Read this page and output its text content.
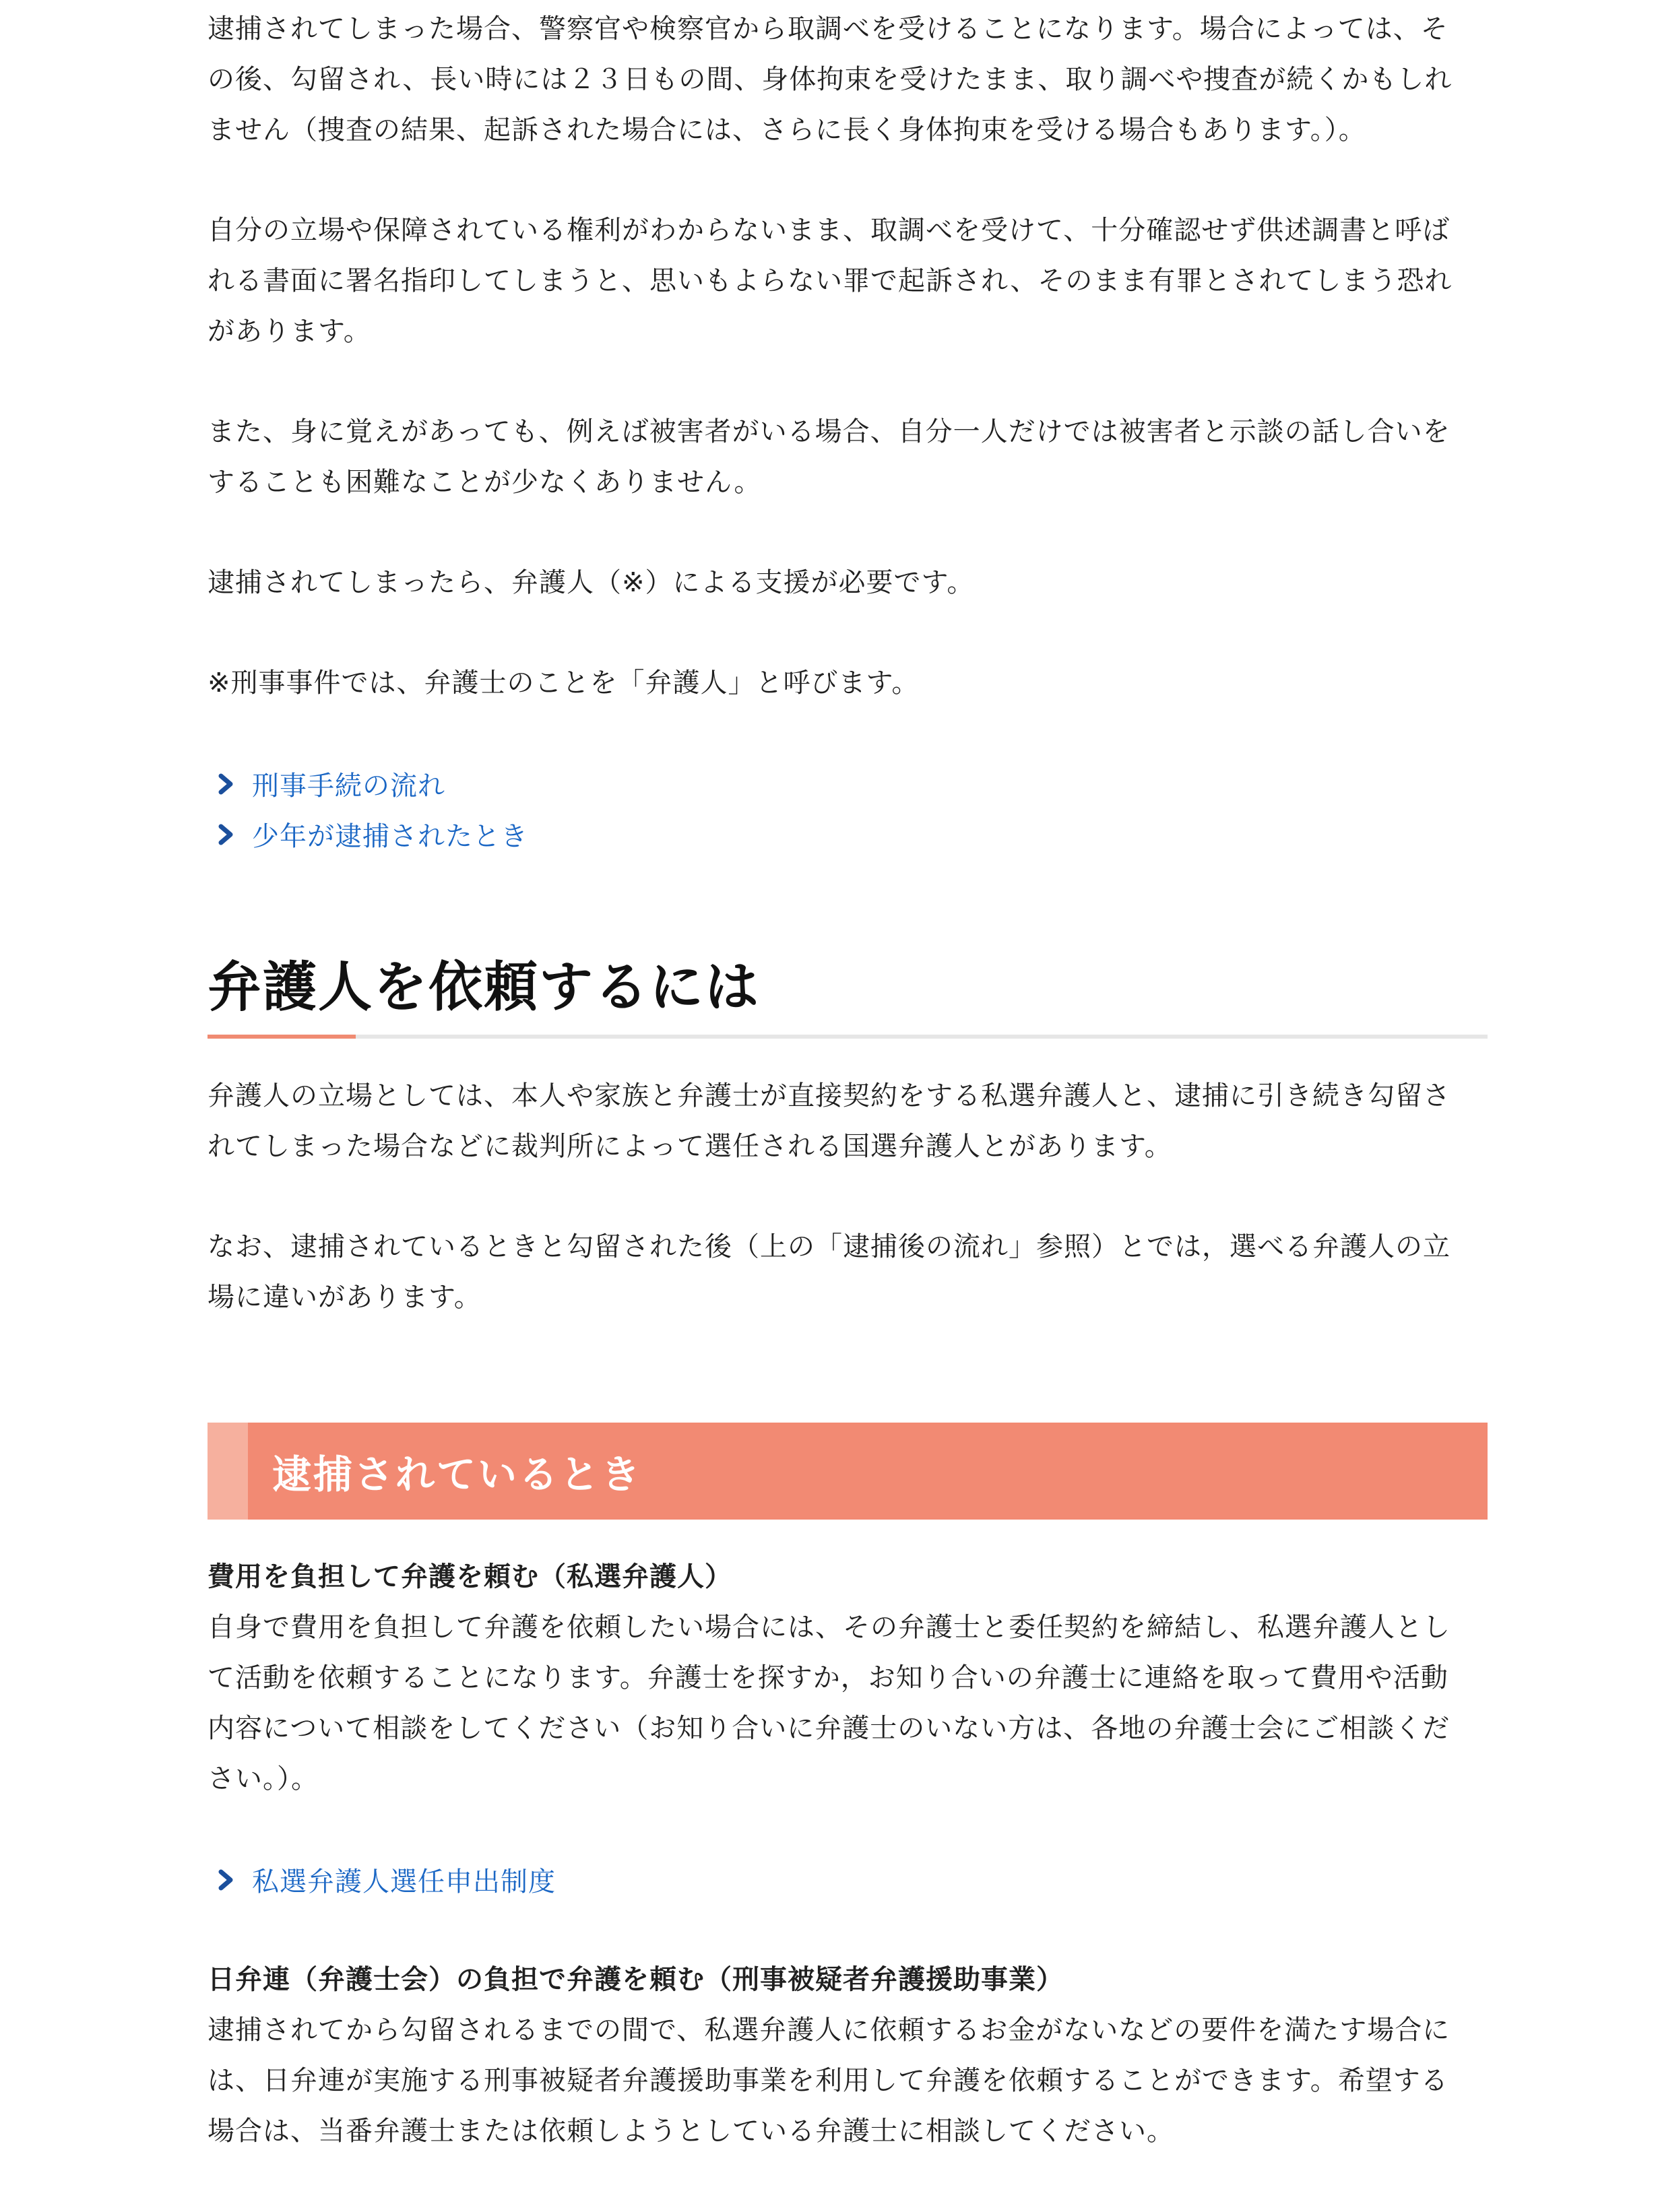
逮捕されてしまった場合、警察官や検察官から取調べを受けることになります。場合によっては、そ
の後、勾留され、長い時には２３日もの間、身体拘束を受けたまま、取り調べや捜査が続くかもしれ
ません（捜査の結果、起訴された場合には、さらに長く身体拘束を受ける場合もあります。）。

自分の立場や保障されている権利がわからないまま、取調べを受けて、十分確認せず供述調書と呼ば
れる書面に署名指印してしまうと、思いもよらない罪で起訴され、そのまま有罪とされてしまう恐れ
があります。

また、身に覚えがあっても、例えば被害者がいる場合、自分一人だけでは被害者と示談の話し合いを
することも困難なことが少なくありません。

逮捕されてしまったら、弁護人（※）による支援が必要です。

※刑事事件では、弁護士のことを「弁護人」と呼びます。

刑事手続の流れ
少年が逮捕されたとき
弁護人を依頼するには

弁護人の立場としては、本人や家族と弁護士が直接契約をする私選弁護人と、逮捕に引き続き勾留さ
れてしまった場合などに裁判所によって選任される国選弁護人とがあります。

なお、逮捕されているときと勾留された後（上の「逮捕後の流れ」参照）とでは，選べる弁護人の立
場に違いがあります。

逮捕されているとき

費用を負担して弁護を頼む（私選弁護人）

自身で費用を負担して弁護を依頼したい場合には、その弁護士と委任契約を締結し、私選弁護人とし
て活動を依頼することになります。弁護士を探すか，お知り合いの弁護士に連絡を取って費用や活動
内容について相談をしてください（お知り合いに弁護士のいない方は、各地の弁護士会にご相談くだ
さい。）。

私選弁護人選任申出制度

日弁連（弁護士会）の負担で弁護を頼む（刑事被疑者弁護援助事業）

逮捕されてから勾留されるまでの間で、私選弁護人に依頼するお金がないなどの要件を満たす場合に
は、日弁連が実施する刑事被疑者弁護援助事業を利用して弁護を依頼することができます。希望する
場合は、当番弁護士または依頼しようとしている弁護士に相談してください。
